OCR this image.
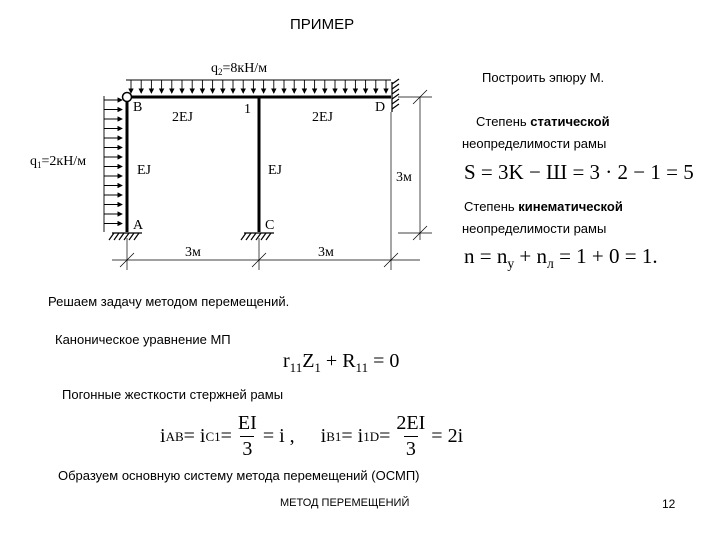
ПРИМЕР
Построить эпюру М.
Степень статической
неопределимости рамы
S = 3K − Ш = 3 · 2 − 1 = 5
Степень кинематической
неопределимости рамы
$n = n_у + n_л = 1 + 0 = 1$.
Решаем задачу методом перемещений.
Каноническое уравнение МП
$r_{11}Z_1 + R_{11} = 0$
Погонные жесткости стержней рамы
i AB = i $C1 = \frac{EI}{3} = i$ , i B1 = i $1D = \frac{2EI}{3} = 2i$
Образуем основную систему метода перемещений (ОСМП)
МЕТОД ПЕРЕМЕЩЕНИЙ	12
$q_2=8кН/м$
$q_1=2кН/м$
B	1	D
A	C
2EJ	2EJ
EJ	EJ	3м
3м	3м
